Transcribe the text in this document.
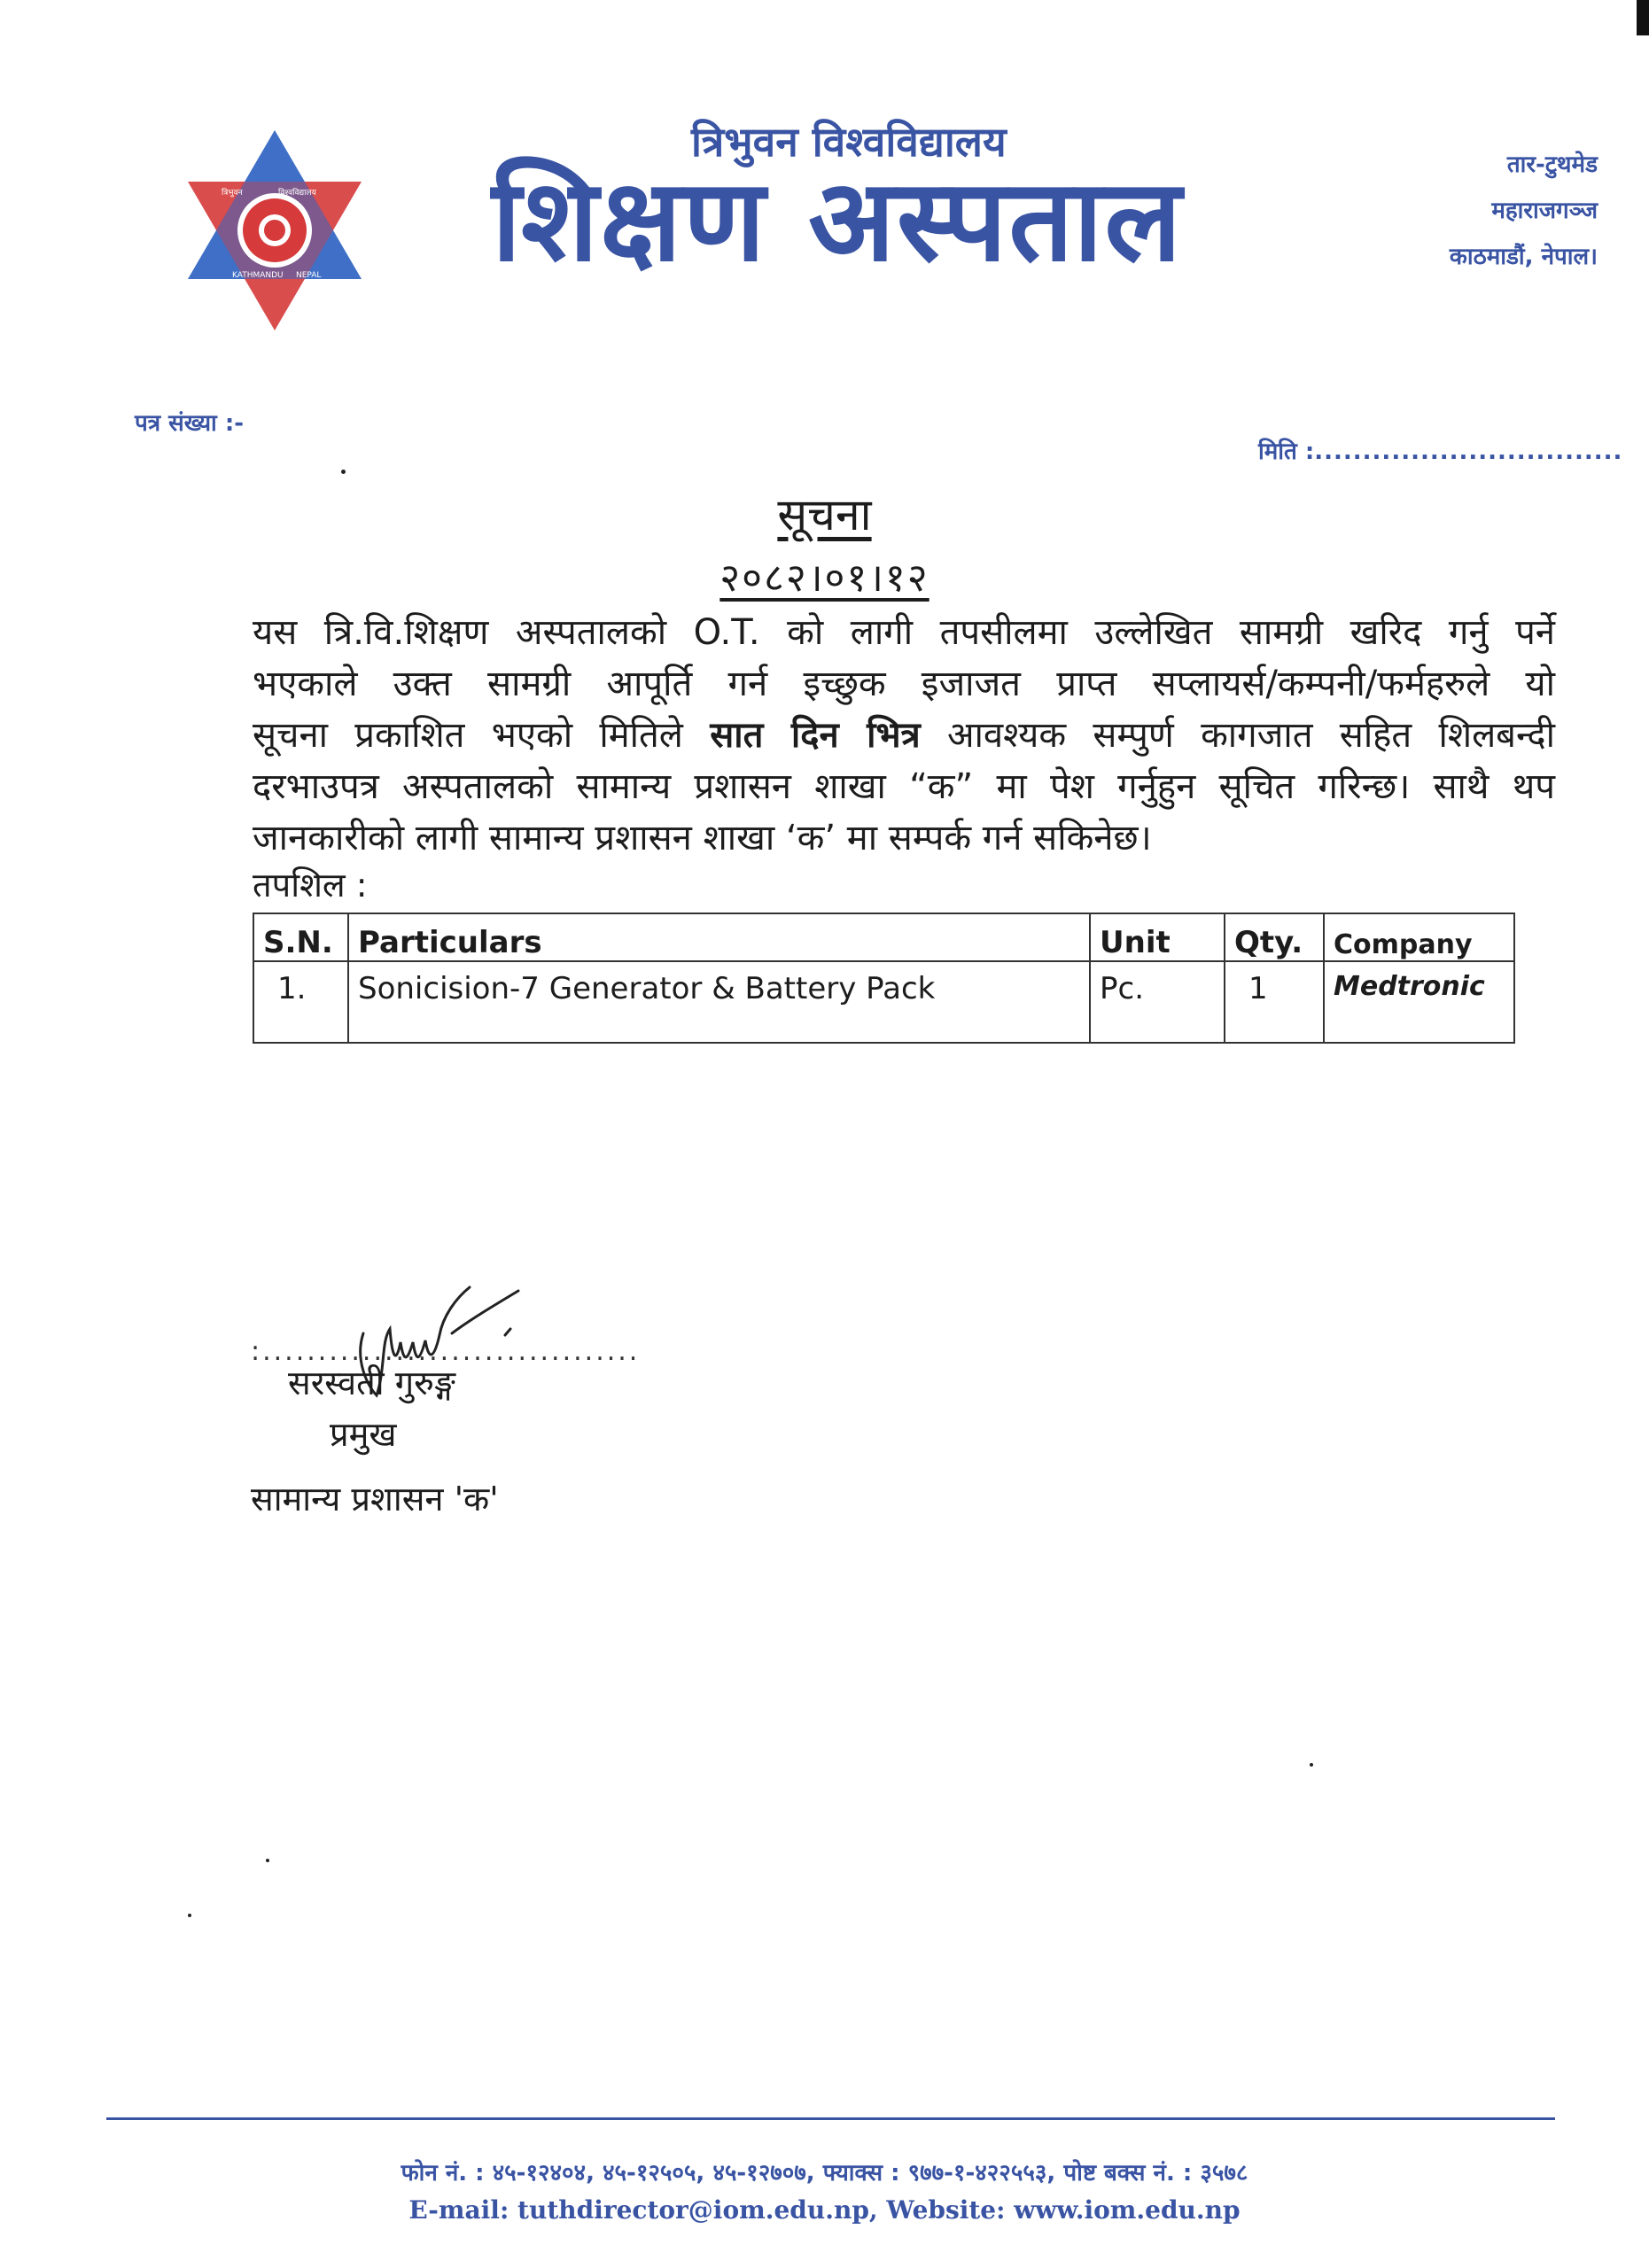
त्रिभुवन	विश्वविद्यालय
KATHMANDU NEPAL
त्रिभुवन विश्वविद्यालय
शिक्षण अस्पताल	तार-टुथमेड
महाराजगञ्ज
काठमाडौं, नेपाल।
पत्र संख्या :-
मिति :................................
सूचना
२०८२।०१।१२
यस त्रि.वि.शिक्षण अस्पतालको O.T. को लागी तपसीलमा उल्लेखित सामग्री खरिद गर्नु पर्ने
भएकाले उक्त सामग्री आपूर्ति गर्न इच्छुक इजाजत प्राप्त सप्लायर्स/कम्पनी/फर्महरुले यो
सूचना प्रकाशित भएको मितिले सात दिन भित्र आवश्यक सम्पुर्ण कागजात सहित शिलबन्दी
दरभाउपत्र अस्पतालको सामान्य प्रशासन शाखा “क” मा पेश गर्नुहुन सूचित गरिन्छ। साथै थप
जानकारीको लागी सामान्य प्रशासन शाखा ‘क’ मा सम्पर्क गर्न सकिनेछ।
तपशिल :
S.N.	Particulars	Unit	Qty.	Company
1.	Sonicision-7 Generator & Battery Pack	Pc.	1	Medtronic
:..................................
सरस्वती गुरुङ्ग
प्रमुख
सामान्य प्रशासन 'क'
फोन नं. : ४५-१२४०४, ४५-१२५०५, ४५-१२७०७, फ्याक्स : ९७७-१-४२२५५३, पोष्ट बक्स नं. : ३५७८
E-mail: tuthdirector@iom.edu.np, Website: www.iom.edu.np
